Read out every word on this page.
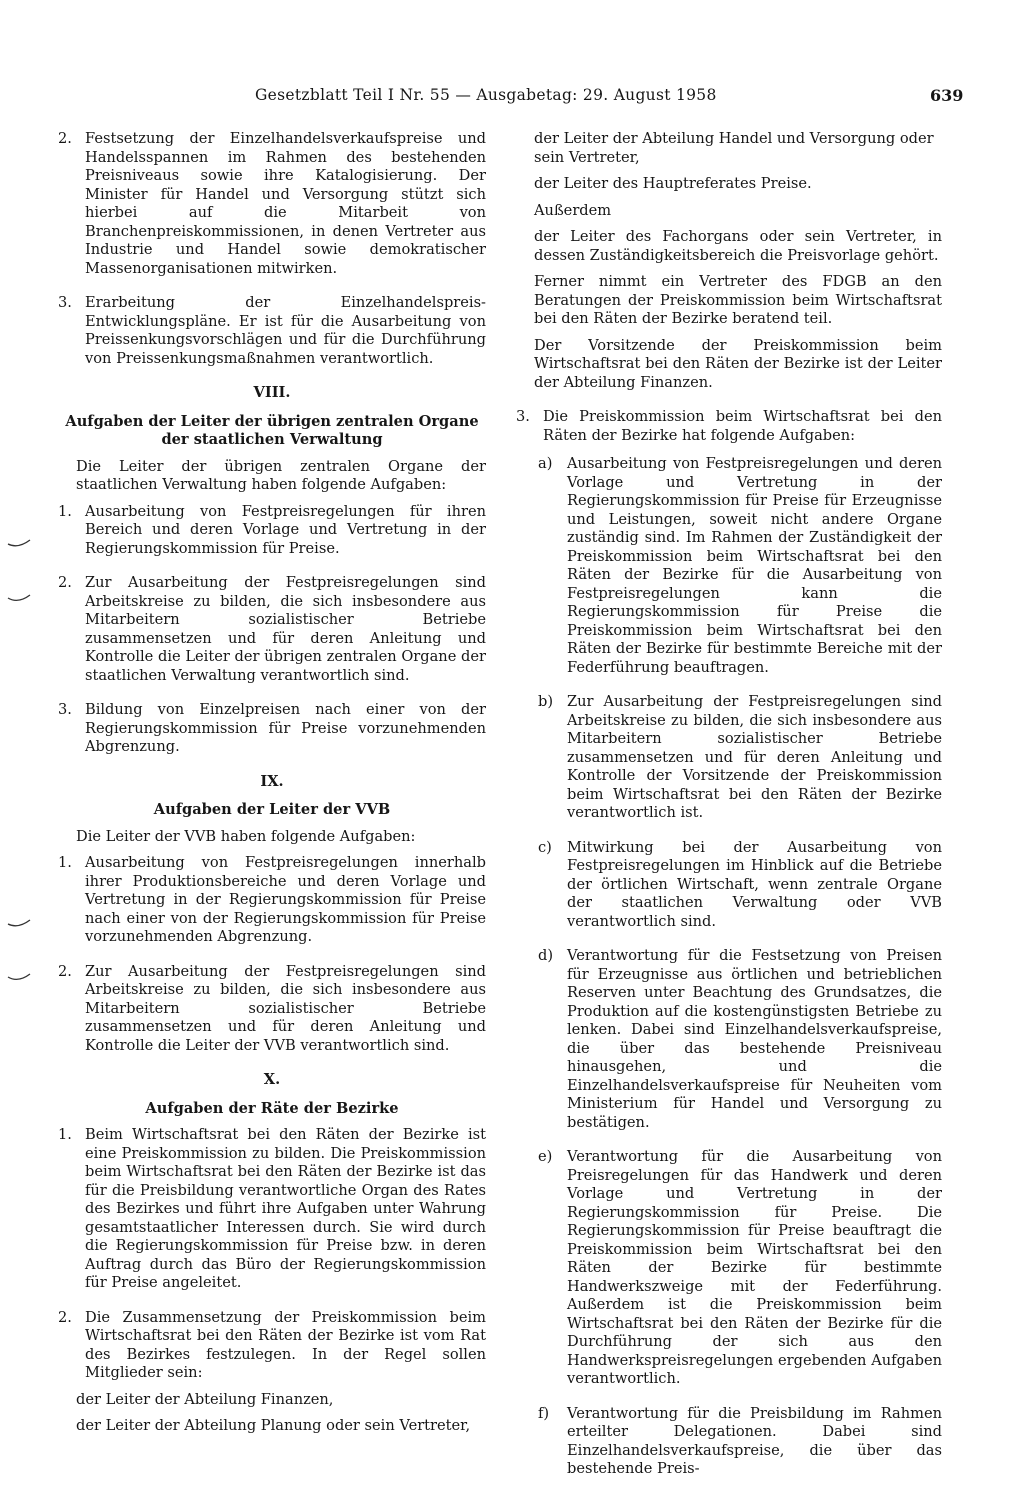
Gesetzblatt Teil I Nr. 55 — Ausgabetag: 29. August 1958	639
2. Festsetzung der Einzelhandelsverkaufspreise und Handelsspannen im Rahmen des bestehenden Preisniveaus sowie ihre Katalogisierung. Der Minister für Handel und Versorgung stützt sich hierbei auf die Mitarbeit von Branchenpreiskommissionen, in denen Vertreter aus Industrie und Handel sowie demokratischer Massenorganisationen mitwirken.
3. Erarbeitung der Einzelhandelspreis-Entwicklungspläne. Er ist für die Ausarbeitung von Preissenkungsvorschlägen und für die Durchführung von Preissenkungsmaßnahmen verantwortlich.
VIII.
Aufgaben der Leiter der übrigen zentralen Organe der staatlichen Verwaltung
Die Leiter der übrigen zentralen Organe der staatlichen Verwaltung haben folgende Aufgaben:
1. Ausarbeitung von Festpreisregelungen für ihren Bereich und deren Vorlage und Vertretung in der Regierungskommission für Preise.
2. Zur Ausarbeitung der Festpreisregelungen sind Arbeitskreise zu bilden, die sich insbesondere aus Mitarbeitern sozialistischer Betriebe zusammensetzen und für deren Anleitung und Kontrolle die Leiter der übrigen zentralen Organe der staatlichen Verwaltung verantwortlich sind.
3. Bildung von Einzelpreisen nach einer von der Regierungskommission für Preise vorzunehmenden Abgrenzung.
IX.
Aufgaben der Leiter der VVB
Die Leiter der VVB haben folgende Aufgaben:
1. Ausarbeitung von Festpreisregelungen innerhalb ihrer Produktionsbereiche und deren Vorlage und Vertretung in der Regierungskommission für Preise nach einer von der Regierungskommission für Preise vorzunehmenden Abgrenzung.
2. Zur Ausarbeitung der Festpreisregelungen sind Arbeitskreise zu bilden, die sich insbesondere aus Mitarbeitern sozialistischer Betriebe zusammensetzen und für deren Anleitung und Kontrolle die Leiter der VVB verantwortlich sind.
X.
Aufgaben der Räte der Bezirke
1. Beim Wirtschaftsrat bei den Räten der Bezirke ist eine Preiskommission zu bilden. Die Preiskommission beim Wirtschaftsrat bei den Räten der Bezirke ist das für die Preisbildung verantwortliche Organ des Rates des Bezirkes und führt ihre Aufgaben unter Wahrung gesamtstaatlicher Interessen durch. Sie wird durch die Regierungskommission für Preise bzw. in deren Auftrag durch das Büro der Regierungskommission für Preise angeleitet.
2. Die Zusammensetzung der Preiskommission beim Wirtschaftsrat bei den Räten der Bezirke ist vom Rat des Bezirkes festzulegen. In der Regel sollen Mitglieder sein:
der Leiter der Abteilung Finanzen,
der Leiter der Abteilung Planung oder sein Vertreter,
der Leiter der Abteilung Handel und Versorgung oder sein Vertreter,
der Leiter des Hauptreferates Preise.
Außerdem
der Leiter des Fachorgans oder sein Vertreter, in dessen Zuständigkeitsbereich die Preisvorlage gehört.
Ferner nimmt ein Vertreter des FDGB an den Beratungen der Preiskommission beim Wirtschaftsrat bei den Räten der Bezirke beratend teil.
Der Vorsitzende der Preiskommission beim Wirtschaftsrat bei den Räten der Bezirke ist der Leiter der Abteilung Finanzen.
3. Die Preiskommission beim Wirtschaftsrat bei den Räten der Bezirke hat folgende Aufgaben:
a) Ausarbeitung von Festpreisregelungen und deren Vorlage und Vertretung in der Regierungskommission für Preise für Erzeugnisse und Leistungen, soweit nicht andere Organe zuständig sind. Im Rahmen der Zuständigkeit der Preiskommission beim Wirtschaftsrat bei den Räten der Bezirke für die Ausarbeitung von Festpreisregelungen kann die Regierungskommission für Preise die Preiskommission beim Wirtschaftsrat bei den Räten der Bezirke für bestimmte Bereiche mit der Federführung beauftragen.
b) Zur Ausarbeitung der Festpreisregelungen sind Arbeitskreise zu bilden, die sich insbesondere aus Mitarbeitern sozialistischer Betriebe zusammensetzen und für deren Anleitung und Kontrolle der Vorsitzende der Preiskommission beim Wirtschaftsrat bei den Räten der Bezirke verantwortlich ist.
c)	Mitwirkung bei der Ausarbeitung von Festpreisregelungen im Hinblick auf die Betriebe der örtlichen Wirtschaft, wenn zentrale Organe der staatlichen Verwaltung oder VVB verantwortlich sind.
d) Verantwortung für die Festsetzung von Preisen für Erzeugnisse aus örtlichen und betrieblichen Reserven unter Beachtung des Grundsatzes, die Produktion auf die kostengünstigsten Betriebe zu lenken. Dabei sind Einzelhandelsverkaufspreise, die über das bestehende Preisniveau hinausgehen, und die Einzelhandelsverkaufspreise für Neuheiten vom Ministerium für Handel und Versorgung zu bestätigen.
e)	Verantwortung für die Ausarbeitung von Preisregelungen für das Handwerk und deren Vorlage und Vertretung in der Regierungskommission für Preise. Die Regierungskommission für Preise beauftragt die Preiskommission beim Wirtschaftsrat bei den Räten der Bezirke für bestimmte Handwerkszweige mit der Federführung. Außerdem ist die Preiskommission beim Wirtschaftsrat bei den Räten der Bezirke für die Durchführung der sich aus den Handwerkspreisregelungen ergebenden Aufgaben verantwortlich.
f)	Verantwortung für die Preisbildung im Rahmen erteilter Delegationen. Dabei sind Einzelhandelsverkaufspreise, die über das bestehende Preis-
